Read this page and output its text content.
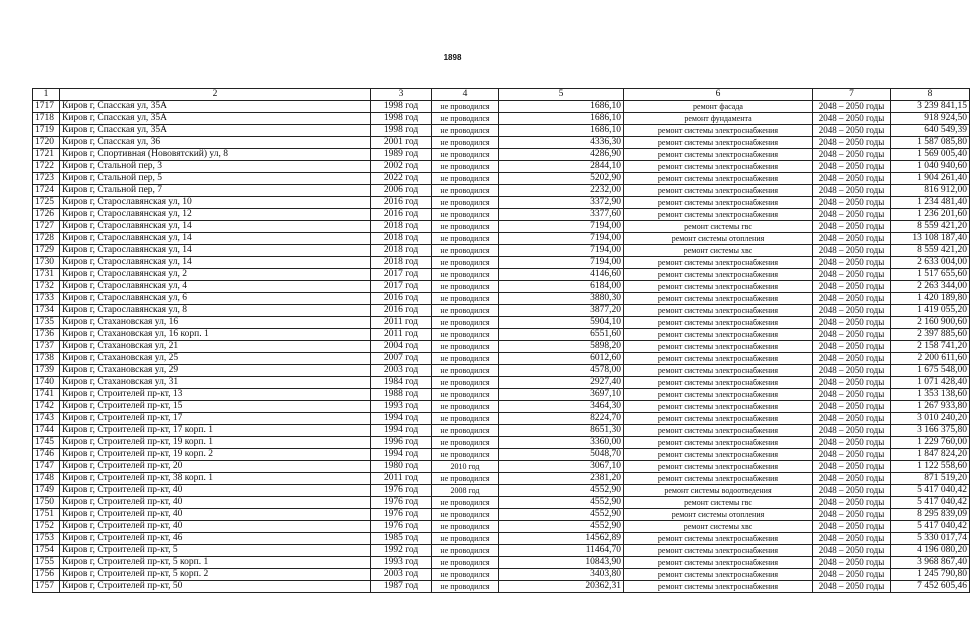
1898
1	2	3	4	5	6	7	8
1717	Киров г, Спасская ул, 35А	1998 год	не проводился	1686,10	ремонт фасада	2048 – 2050 годы	3 239 841,15
1718	Киров г, Спасская ул, 35А	1998 год	не проводился	1686,10	ремонт фундамента	2048 – 2050 годы	918 924,50
1719	Киров г, Спасская ул, 35А	1998 год	не проводился	1686,10	ремонт системы электроснабжения	2048 – 2050 годы	640 549,39
1720	Киров г, Спасская ул, 36	2001 год	не проводился	4336,30	ремонт системы электроснабжения	2048 – 2050 годы	1 587 085,80
1721	Киров г, Спортивная (Нововятский) ул, 8	1989 год	не проводился	4286,90	ремонт системы электроснабжения	2048 – 2050 годы	1 569 005,40
1722	Киров г, Стальной пер, 3	2002 год	не проводился	2844,10	ремонт системы электроснабжения	2048 – 2050 годы	1 040 940,60
1723	Киров г, Стальной пер, 5	2022 год	не проводился	5202,90	ремонт системы электроснабжения	2048 – 2050 годы	1 904 261,40
1724	Киров г, Стальной пер, 7	2006 год	не проводился	2232,00	ремонт системы электроснабжения	2048 – 2050 годы	816 912,00
1725	Киров г, Старославянская ул, 10	2016 год	не проводился	3372,90	ремонт системы электроснабжения	2048 – 2050 годы	1 234 481,40
1726	Киров г, Старославянская ул, 12	2016 год	не проводился	3377,60	ремонт системы электроснабжения	2048 – 2050 годы	1 236 201,60
1727	Киров г, Старославянская ул, 14	2018 год	не проводился	7194,00	ремонт системы гвс	2048 – 2050 годы	8 559 421,20
1728	Киров г, Старославянская ул, 14	2018 год	не проводился	7194,00	ремонт системы отопления	2048 – 2050 годы	13 108 187,40
1729	Киров г, Старославянская ул, 14	2018 год	не проводился	7194,00	ремонт системы хвс	2048 – 2050 годы	8 559 421,20
1730	Киров г, Старославянская ул, 14	2018 год	не проводился	7194,00	ремонт системы электроснабжения	2048 – 2050 годы	2 633 004,00
1731	Киров г, Старославянская ул, 2	2017 год	не проводился	4146,60	ремонт системы электроснабжения	2048 – 2050 годы	1 517 655,60
1732	Киров г, Старославянская ул, 4	2017 год	не проводился	6184,00	ремонт системы электроснабжения	2048 – 2050 годы	2 263 344,00
1733	Киров г, Старославянская ул, 6	2016 год	не проводился	3880,30	ремонт системы электроснабжения	2048 – 2050 годы	1 420 189,80
1734	Киров г, Старославянская ул, 8	2016 год	не проводился	3877,20	ремонт системы электроснабжения	2048 – 2050 годы	1 419 055,20
1735	Киров г, Стахановская ул, 16	2011 год	не проводился	5904,10	ремонт системы электроснабжения	2048 – 2050 годы	2 160 900,60
1736	Киров г, Стахановская ул, 16 корп. 1	2011 год	не проводился	6551,60	ремонт системы электроснабжения	2048 – 2050 годы	2 397 885,60
1737	Киров г, Стахановская ул, 21	2004 год	не проводился	5898,20	ремонт системы электроснабжения	2048 – 2050 годы	2 158 741,20
1738	Киров г, Стахановская ул, 25	2007 год	не проводился	6012,60	ремонт системы электроснабжения	2048 – 2050 годы	2 200 611,60
1739	Киров г, Стахановская ул, 29	2003 год	не проводился	4578,00	ремонт системы электроснабжения	2048 – 2050 годы	1 675 548,00
1740	Киров г, Стахановская ул, 31	1984 год	не проводился	2927,40	ремонт системы электроснабжения	2048 – 2050 годы	1 071 428,40
1741	Киров г, Строителей пр-кт, 13	1988 год	не проводился	3697,10	ремонт системы электроснабжения	2048 – 2050 годы	1 353 138,60
1742	Киров г, Строителей пр-кт, 15	1993 год	не проводился	3464,30	ремонт системы электроснабжения	2048 – 2050 годы	1 267 933,80
1743	Киров г, Строителей пр-кт, 17	1994 год	не проводился	8224,70	ремонт системы электроснабжения	2048 – 2050 годы	3 010 240,20
1744	Киров г, Строителей пр-кт, 17 корп. 1	1994 год	не проводился	8651,30	ремонт системы электроснабжения	2048 – 2050 годы	3 166 375,80
1745	Киров г, Строителей пр-кт, 19 корп. 1	1996 год	не проводился	3360,00	ремонт системы электроснабжения	2048 – 2050 годы	1 229 760,00
1746	Киров г, Строителей пр-кт, 19 корп. 2	1994 год	не проводился	5048,70	ремонт системы электроснабжения	2048 – 2050 годы	1 847 824,20
1747	Киров г, Строителей пр-кт, 20	1980 год	2010 год	3067,10	ремонт системы электроснабжения	2048 – 2050 годы	1 122 558,60
1748	Киров г, Строителей пр-кт, 38 корп. 1	2011 год	не проводился	2381,20	ремонт системы электроснабжения	2048 – 2050 годы	871 519,20
1749	Киров г, Строителей пр-кт, 40	1976 год	2008 год	4552,90	ремонт системы водоотведения	2048 – 2050 годы	5 417 040,42
1750	Киров г, Строителей пр-кт, 40	1976 год	не проводился	4552,90	ремонт системы гвс	2048 – 2050 годы	5 417 040,42
1751	Киров г, Строителей пр-кт, 40	1976 год	не проводился	4552,90	ремонт системы отопления	2048 – 2050 годы	8 295 839,09
1752	Киров г, Строителей пр-кт, 40	1976 год	не проводился	4552,90	ремонт системы хвс	2048 – 2050 годы	5 417 040,42
1753	Киров г, Строителей пр-кт, 46	1985 год	не проводился	14562,89	ремонт системы электроснабжения	2048 – 2050 годы	5 330 017,74
1754	Киров г, Строителей пр-кт, 5	1992 год	не проводился	11464,70	ремонт системы электроснабжения	2048 – 2050 годы	4 196 080,20
1755	Киров г, Строителей пр-кт, 5 корп. 1	1993 год	не проводился	10843,90	ремонт системы электроснабжения	2048 – 2050 годы	3 968 867,40
1756	Киров г, Строителей пр-кт, 5 корп. 2	2003 год	не проводился	3403,80	ремонт системы электроснабжения	2048 – 2050 годы	1 245 790,80
1757	Киров г, Строителей пр-кт, 50	1987 год	не проводился	20362,31	ремонт системы электроснабжения	2048 – 2050 годы	7 452 605,46
